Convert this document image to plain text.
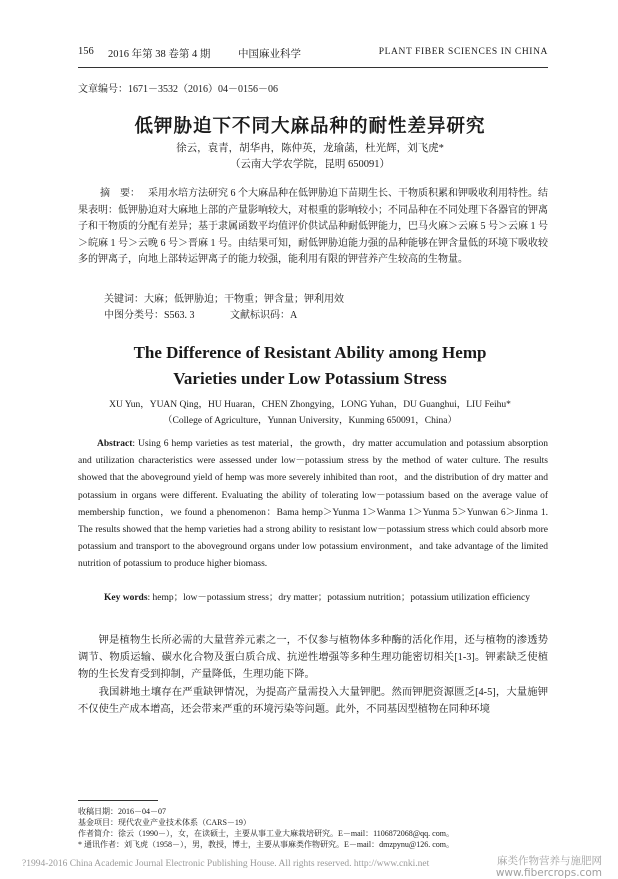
156 2016 年第 38 卷第 4 期	中国麻业科学	PLANT FIBER SCIENCES IN CHINA
文章编号：1671－3532（2016）04－0156－06
低钾胁迫下不同大麻品种的耐性差异研究
徐云，袁青，胡华冉，陈仲英，龙瑜菡，杜光辉，刘飞虎*
（云南大学农学院，昆明 650091）
摘　要： 采用水培方法研究 6 个大麻品种在低钾胁迫下苗期生长、干物质积累和钾吸收利用特性。结果表明：低钾胁迫对大麻地上部的产量影响较大，对根重的影响较小；不同品种在不同处理下各器官的钾离子和干物质的分配有差异；基于隶属函数平均值评价供试品种耐低钾能力，巴马火麻＞云麻 5 号＞云麻 1 号＞皖麻 1 号＞云晚 6 号＞晋麻 1 号。由结果可知，耐低钾胁迫能力强的品种能够在钾含量低的环境下吸收较多的钾离子，向地上部转运钾离子的能力较强，能利用有限的钾营养产生较高的生物量。
关键词：大麻；低钾胁迫；干物重；钾含量；钾利用效
中图分类号：S563. 3	文献标识码：A
The Difference of Resistant Ability among Hemp
Varieties under Low Potassium Stress
XU Yun，YUAN Qing，HU Huaran，CHEN Zhongying，LONG Yuhan，DU Guanghui，LIU Feihu*
（College of Agriculture，Yunnan University，Kunming 650091，China）
Abstract: Using 6 hemp varieties as test material，the growth，dry matter accumulation and potassium absorption and utilization characteristics were assessed under low－potassium stress by the method of water culture. The results showed that the aboveground yield of hemp was more severely inhibited than root，and the distribution of dry matter and potassium in organs were different. Evaluating the ability of tolerating low－potassium based on the average value of membership function，we found a phenomenon：Bama hemp＞Yunma 1＞Wanma 1＞Yunma 5＞Yunwan 6＞Jinma 1. The results showed that the hemp varieties had a strong ability to resistant low－potassium stress which could absorb more potassium and transport to the aboveground organs under low potassium environment，and take advantage of the limited nutrition of potassium to produce higher biomass.
Key words: hemp；low－potassium stress；dry matter；potassium nutrition；potassium utilization efficiency

钾是植物生长所必需的大量营养元素之一，不仅参与植物体多种酶的活化作用，还与植物的渗透势调节、物质运输、碳水化合物及蛋白质合成、抗逆性增强等多种生理功能密切相关[1-3]。钾素缺乏使植物的生长发育受到抑制，产量降低，生理功能下降。

我国耕地土壤存在严重缺钾情况，为提高产量需投入大量钾肥。然而钾肥资源匮乏[4-5]，大量施钾不仅使生产成本增高，还会带来严重的环境污染等问题。此外，不同基因型植物在同种环境

收稿日期：2016－04－07
基金项目：现代农业产业技术体系（CARS－19）
作者简介：徐云（1990－），女，在读硕士，主要从事工业大麻栽培研究。E－mail：1106872068@qq. com。
* 通讯作者：刘飞虎（1958－），男，教授，博士，主要从事麻类作物研究。E－mail：dmzpynu@126. com。
?1994-2016 China Academic Journal Electronic Publishing House. All rights reserved. http://www.cnki.net	麻类作物营养与施肥网
www.fibercrops.com
